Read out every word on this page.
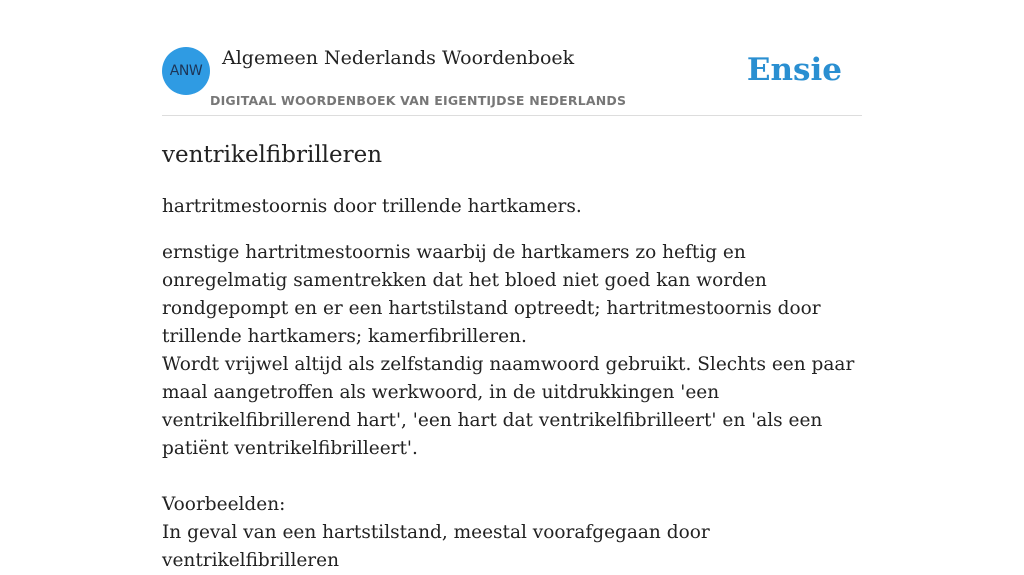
ANW
Algemeen Nederlands Woordenboek
DIGITAAL WOORDENBOEK VAN EIGENTIJDSE NEDERLANDS
Ensie
ventrikelfibrilleren
hartritmestoornis door trillende hartkamers.

ernstige hartritmestoornis waarbij de hartkamers zo heftig en onregelmatig samentrekken dat het bloed niet goed kan worden rondgepompt en er een hartstilstand optreedt; hartritmestoornis door trillende hartkamers; kamerfibrilleren.

Wordt vrijwel altijd als zelfstandig naamwoord gebruikt. Slechts een paar maal aangetroffen als werkwoord, in de uitdrukkingen 'een ventrikelfibrillerend hart', 'een hart dat ventrikelfibrilleert' en 'als een patiënt ventrikelfibrilleert'.

Voorbeelden:

In geval van een hartstilstand, meestal voorafgegaan door ventrikelfibrilleren
